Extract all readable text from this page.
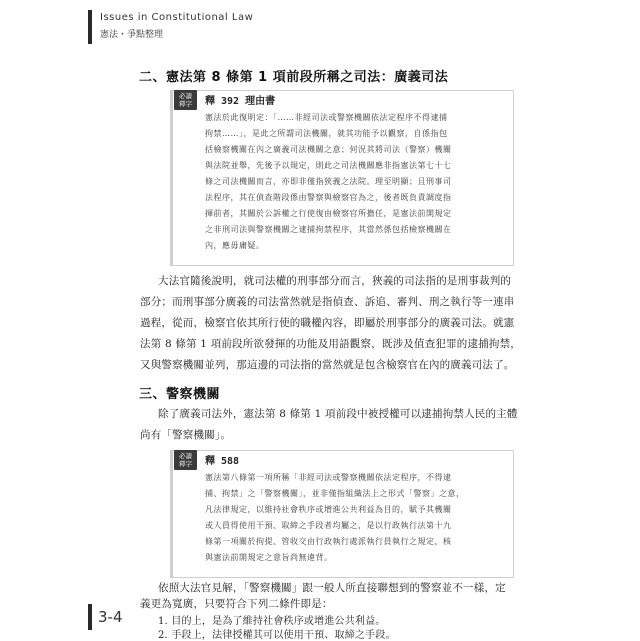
Issues in Constitutional Law
憲法・爭點整理
二、憲法第 8 條第 1 項前段所稱之司法：廣義司法
必讀
釋字	釋 392 理由書
憲法於此復明定：「……非經司法或警察機關依法定程序不得逮捕
拘禁……」，是此之所謂司法機關，就其功能予以觀察，自係指包
括檢察機關在內之廣義司法機關之意；何況其將司法（警察）機關
與法院並舉，先後予以規定，則此之司法機關應非指憲法第七十七
條之司法機關而言，亦即非僅指狹義之法院。理至明顯；且刑事司
法程序，其在偵查階段係由警察與檢察官為之，後者既負責調度指
揮前者，其關於公訴權之行使復由檢察官所擔任，是憲法前開規定
之非刑司法與警察機關之逮捕拘禁程序，其當然係包括檢察機關在
內，應毋庸疑。
大法官隨後說明，就司法權的刑事部分而言，狹義的司法指的是刑事裁判的
部分；而刑事部分廣義的司法當然就是指偵查、訴追、審判、刑之執行等一連串
過程，從而，檢察官依其所行使的職權內容，即屬於刑事部分的廣義司法。就憲
法第 8 條第 1 項前段所欲發揮的功能及用語觀察，既涉及值查犯罪的逮捕拘禁，
又與警察機關並列，那這邊的司法指的當然就是包含檢察官在內的廣義司法了。
三、警察機關
除了廣義司法外，憲法第 8 條第 1 項前段中被授權可以逮捕拘禁人民的主體
尚有「警察機關」。
必讀
釋字	釋 588
憲法第八條第一項所稱「非經司法或警察機關依法定程序，不得逮
捕、拘禁」之「警察機關」，並非僅指組織法上之形式「警察」之意，
凡法律規定，以維持社會秩序或增進公共利益為目的，賦予其機關
或人員得使用干預、取締之手段者均屬之，是以行政執行法第十九
條第一項關於拘提、管收交由行政執行處派執行員執行之規定，核
與憲法前開規定之意旨尚無違背。
依照大法官見解，「警察機關」跟一般人所直接聯想到的警察並不一樣，定
義更為寬廣，只要符合下列二條件即是：
1. 目的上，是為了維持社會秩序或增進公共利益。
2. 手段上，法律授權其可以使用干預、取締之手段。
3-4
